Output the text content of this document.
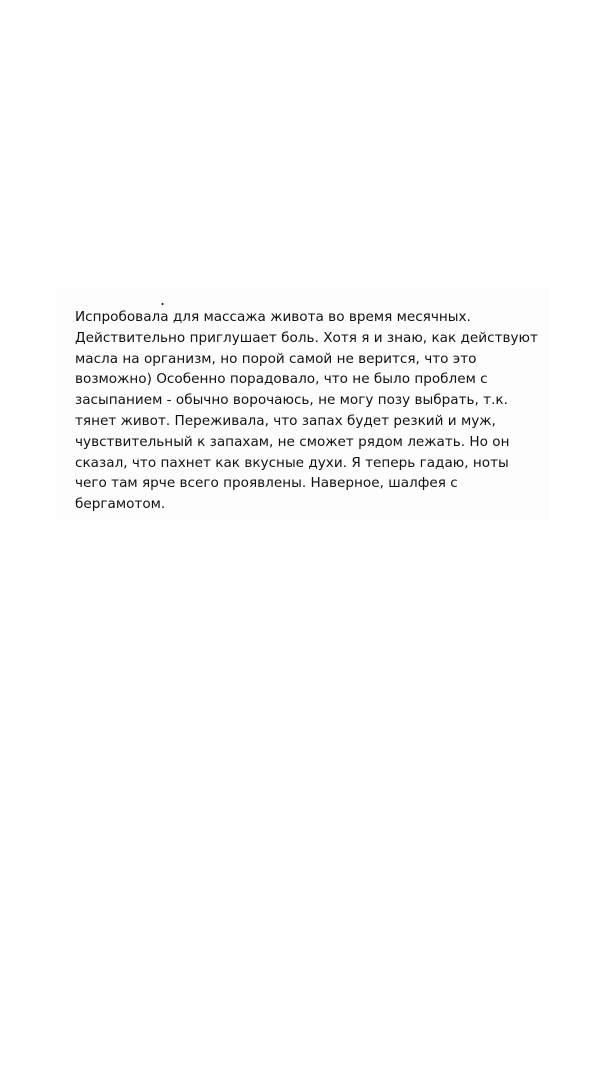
.

Испробовала для массажа живота во время месячных.
Действительно приглушает боль. Хотя я и знаю, как действуют
масла на организм, но порой самой не верится, что это
возможно) Особенно порадовало, что не было проблем с
засыпанием - обычно ворочаюсь, не могу позу выбрать, т.к.
тянет живот. Переживала, что запах будет резкий и муж,
чувствительный к запахам, не сможет рядом лежать. Но он
сказал, что пахнет как вкусные духи. Я теперь гадаю, ноты
чего там ярче всего проявлены. Наверное, шалфея с
бергамотом.
